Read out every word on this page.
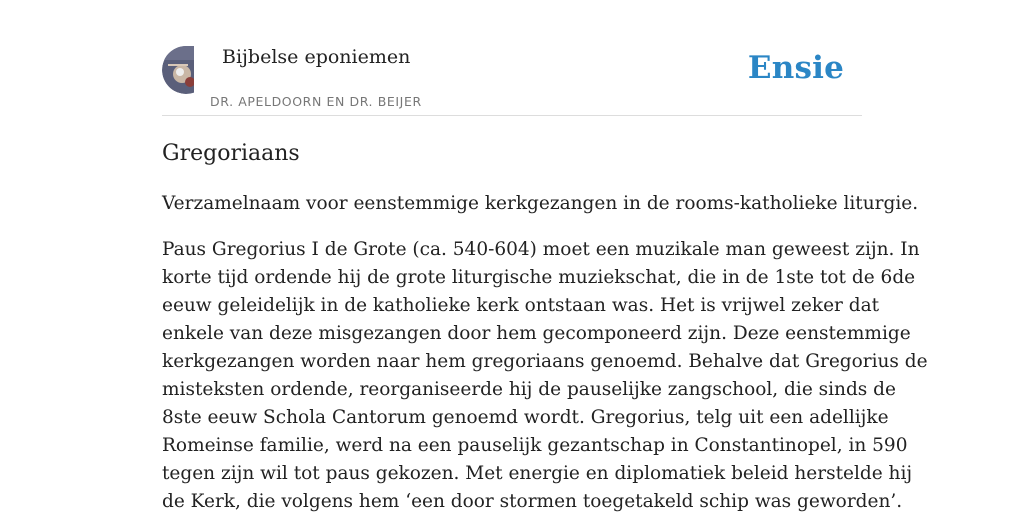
Bijbelse eponiemen
DR. APELDOORN EN DR. BEIJER
Ensie
Gregoriaans

Verzamelnaam voor eenstemmige kerkgezangen in de rooms-katholieke liturgie.

Paus Gregorius I de Grote (ca. 540-604) moet een muzikale man geweest zijn. In
korte tijd ordende hij de grote liturgische muziekschat, die in de 1ste tot de 6de
eeuw geleidelijk in de katholieke kerk ontstaan was. Het is vrijwel zeker dat
enkele van deze misgezangen door hem gecomponeerd zijn. Deze eenstemmige
kerkgezangen worden naar hem gregoriaans genoemd. Behalve dat Gregorius de
misteksten ordende, reorganiseerde hij de pauselijke zangschool, die sinds de
8ste eeuw Schola Cantorum genoemd wordt. Gregorius, telg uit een adellijke
Romeinse familie, werd na een pauselijk gezantschap in Constantinopel, in 590
tegen zijn wil tot paus gekozen. Met energie en diplomatiek beleid herstelde hij
de Kerk, die volgens hem ‘een door stormen toegetakeld schip was geworden’.
